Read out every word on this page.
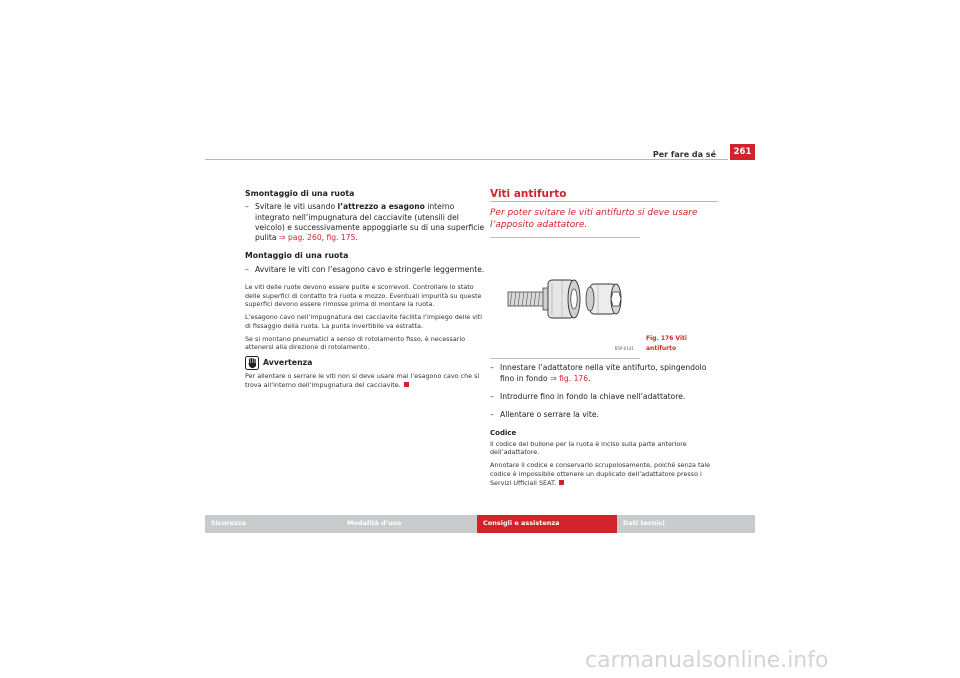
Per fare da sé	261
Smontaggio di una ruota
– Svitare le viti usando l’attrezzo a esagono interno integrato nell’impugnatura del cacciavite (utensili del veicolo) e successivamente appoggiarle su di una superficie pulita ⇒ pag. 260, fig. 175.
Montaggio di una ruota
– Avvitare le viti con l’esagono cavo e stringerle leggermente.

Le viti delle ruote devono essere pulite e scorrevoli. Controllare lo stato delle superfici di contatto tra ruota e mozzo. Eventuali impurità su queste superfici devono essere rimosse prima di montare la ruota.

L’esagono cavo nell’impugnatura del cacciavite facilita l’impiego delle viti di fissaggio della ruota. La punta invertibile va estratta.

Se si montano pneumatici a senso di rotolamento fisso, è necessario attenersi alla direzione di rotolamento.

Avvertenza

Per allentare o serrare le viti non si deve usare mai l’esagono cavo che si trova all’interno dell’impugnatura del cacciavite.

Viti antifurto
Per poter svitare le viti antifurto si deve usare l’apposito adattatore.
B5P-0141
Fig. 176 Viti antifurto
– Innestare l’adattatore nella vite antifurto, spingendolo fino in fondo ⇒ fig. 176.
– Introdurre fino in fondo la chiave nell’adattatore.
– Allentare o serrare la vite.
Codice

Il codice del bullone per la ruota è inciso sulla parte anteriore dell’adattatore.

Annotare il codice e conservarlo scrupolosamente, poiché senza tale codice è impossibile ottenere un duplicato dell’adattatore presso i Servizi Ufficiali SEAT.

Sicurezza	Modalità d’uso	Consigli e assistenza	Dati tecnici
carmanualsonline.info
